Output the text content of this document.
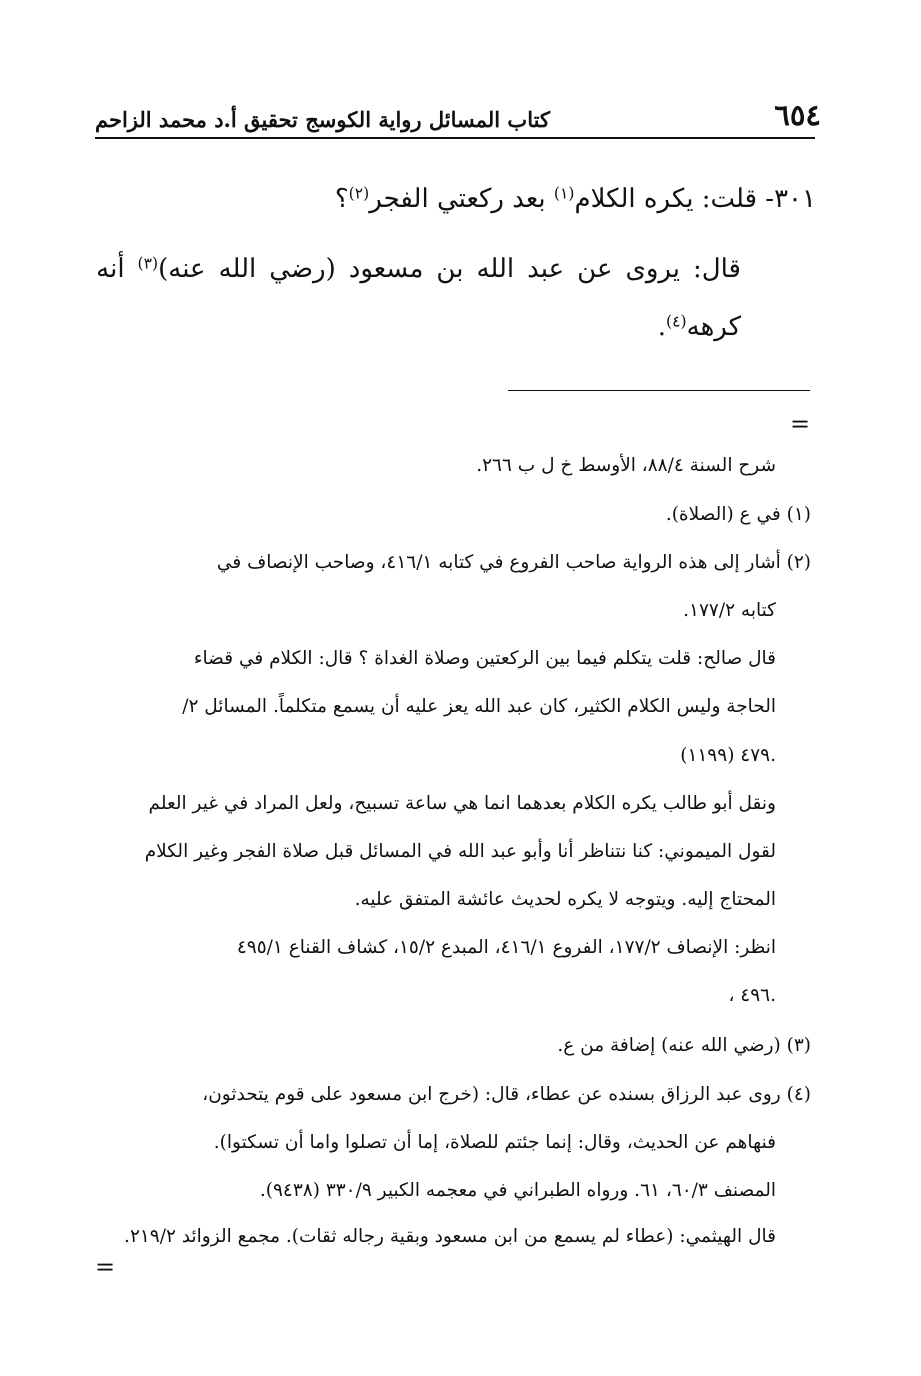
٦٥٤
كتاب المسائل رواية الكوسج تحقيق أ.د محمد الزاحم
٣٠١- قلت: يكره الكلام$^{(١)}$ بعد ركعتي الفجر$^{(٢)}$؟
قال:
يروى
عن
عبد
الله
بن
مسعود
(رضي
الله
عنه)$^{(٣)}$
أنه
كرهه$^{(٤)}$.
=
شرح السنة ٨٨/٤، الأوسط خ ل ب ٢٦٦.
(١) في ع (الصلاة).
(٢) أشار إلى هذه الرواية صاحب الفروع في كتابه ٤١٦/١، وصاحب الإنصاف في
كتابه ١٧٧/٢.
قال صالح: قلت يتكلم فيما بين الركعتين وصلاة الغداة ؟ قال: الكلام في قضاء
الحاجة وليس الكلام الكثير، كان عبد الله يعز عليه أن يسمع متكلماً. المسائل ٢/
٤٧٩ (١١٩٩).
ونقل أبو طالب يكره الكلام بعدهما انما هي ساعة تسبيح، ولعل المراد في غير العلم
لقول الميموني: كنا نتناظر أنا وأبو عبد الله في المسائل قبل صلاة الفجر وغير الكلام
المحتاج إليه. ويتوجه لا يكره لحديث عائشة المتفق عليه.
انظر: الإنصاف ١٧٧/٢، الفروع ٤١٦/١، المبدع ١٥/٢، كشاف القناع ٤٩٥/١
، ٤٩٦.
(٣) (رضي الله عنه) إضافة من ع.
(٤) روى عبد الرزاق بسنده عن عطاء، قال: (خرج ابن مسعود على قوم يتحدثون،
فنهاهم عن الحديث، وقال: إنما جئتم للصلاة، إما أن تصلوا واما أن تسكتوا).
المصنف ٦٠/٣، ٦١. ورواه الطبراني في معجمه الكبير ٣٣٠/٩ (٩٤٣٨).
قال الهيثمي: (عطاء لم يسمع من ابن مسعود وبقية رجاله ثقات). مجمع الزوائد ٢١٩/٢.
=
